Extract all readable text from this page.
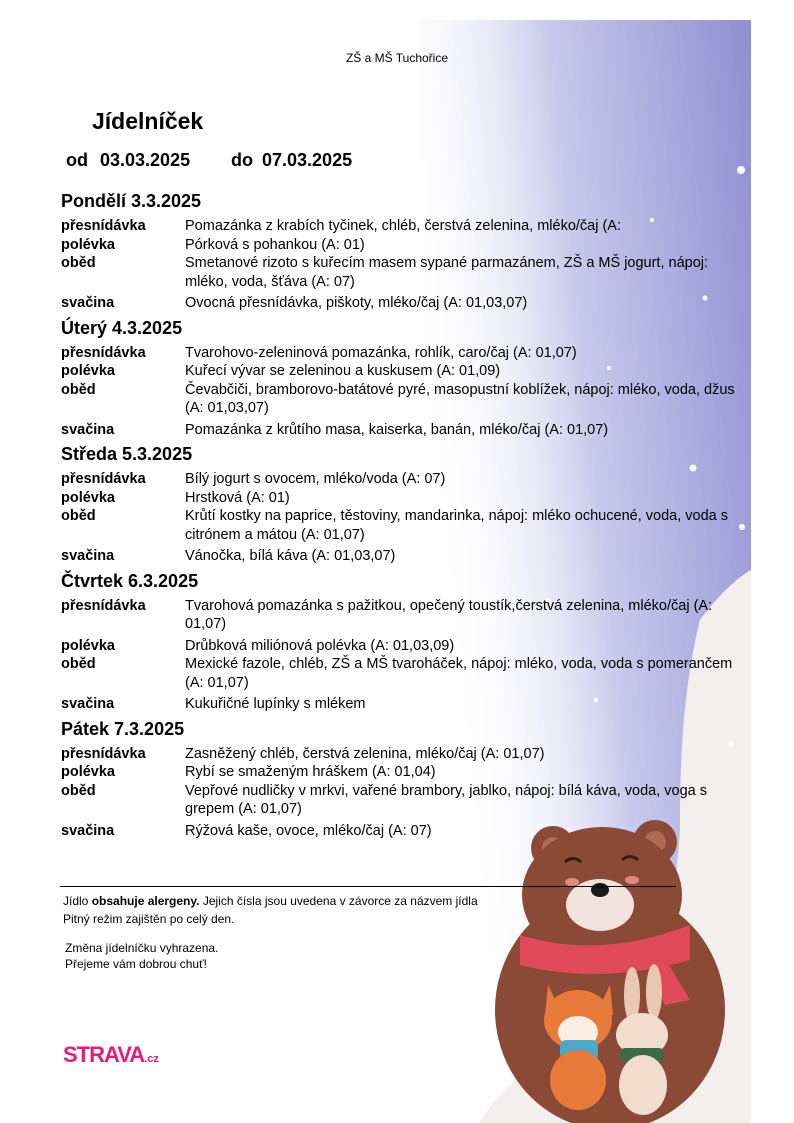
ZŠ a MŠ Tuchořice
Jídelníček
od 03.03.2025 do 07.03.2025
Pondělí 3.3.2025
přesnídávka	Pomazánka z krabích tyčinek, chléb, čerstvá zelenina, mléko/čaj (A:
polévka	Pórková s pohankou (A: 01)
oběd	Smetanové rizoto s kuřecím masem sypané parmazánem, ZŠ a MŠ jogurt, nápoj: mléko, voda, šťáva (A: 07)
svačina	Ovocná přesnídávka, piškoty, mléko/čaj (A: 01,03,07)
Úterý 4.3.2025
přesnídávka	Tvarohovo-zeleninová pomazánka, rohlík, caro/čaj (A: 01,07)
polévka	Kuřecí vývar se zeleninou a kuskusem (A: 01,09)
oběd	Čevabčiči, bramborovo-batátové pyré, masopustní koblížek, nápoj: mléko, voda, džus (A: 01,03,07)
svačina	Pomazánka z krůtího masa, kaiserka, banán, mléko/čaj (A: 01,07)
Středa 5.3.2025
přesnídávka	Bílý jogurt s ovocem, mléko/voda (A: 07)
polévka	Hrstková (A: 01)
oběd	Krůtí kostky na paprice, těstoviny, mandarinka, nápoj: mléko ochucené, voda, voda s citrónem a mátou (A: 01,07)
svačina	Vánočka, bílá káva (A: 01,03,07)
Čtvrtek 6.3.2025
přesnídávka	Tvarohová pomazánka s pažitkou, opečený toustík,čerstvá zelenina, mléko/čaj (A: 01,07)
polévka	Drůbková miliónová polévka (A: 01,03,09)
oběd	Mexické fazole, chléb, ZŠ a MŠ tvaroháček, nápoj: mléko, voda, voda s pomerančem (A: 01,07)
svačina	Kukuřičné lupínky s mlékem
Pátek 7.3.2025
přesnídávka	Zasněžený chléb, čerstvá zelenina, mléko/čaj (A: 01,07)
polévka	Rybí se smaženým hráškem (A: 01,04)
oběd	Vepřové nudličky v mrkvi, vařené brambory, jablko, nápoj: bílá káva, voda, voga s grepem (A: 01,07)
svačina	Rýžová kaše, ovoce, mléko/čaj (A: 07)
Jídlo obsahuje alergeny. Jejich čísla jsou uvedena v závorce za názvem jídla
Pitný režim zajištěn po celý den.
Změna jídelníčku vyhrazena.
Přejeme vám dobrou chuť!
STRAVA.cz
